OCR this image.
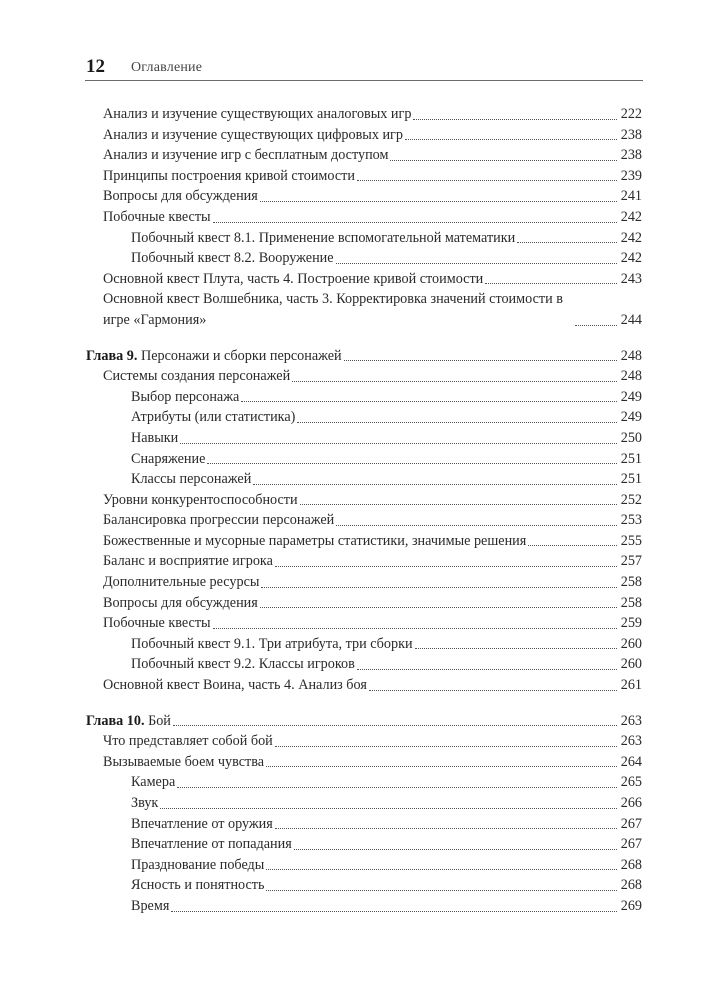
12 Оглавление
Анализ и изучение существующих аналоговых игр	222
Анализ и изучение существующих цифровых игр	238
Анализ и изучение игр с бесплатным доступом	238
Принципы построения кривой стоимости	239
Вопросы для обсуждения	241
Побочные квесты	242
Побочный квест 8.1. Применение вспомогательной математики	242
Побочный квест 8.2. Вооружение	242
Основной квест Плута, часть 4. Построение кривой стоимости	243
Основной квест Волшебника, часть 3. Корректировка значений стоимости в игре «Гармония»	244
Глава 9. Персонажи и сборки персонажей	248
Системы создания персонажей	248
Выбор персонажа	249
Атрибуты (или статистика)	249
Навыки	250
Снаряжение	251
Классы персонажей	251
Уровни конкурентоспособности	252
Балансировка прогрессии персонажей	253
Божественные и мусорные параметры статистики, значимые решения	255
Баланс и восприятие игрока	257
Дополнительные ресурсы	258
Вопросы для обсуждения	258
Побочные квесты	259
Побочный квест 9.1. Три атрибута, три сборки	260
Побочный квест 9.2. Классы игроков	260
Основной квест Воина, часть 4. Анализ боя	261
Глава 10. Бой	263
Что представляет собой бой	263
Вызываемые боем чувства	264
Камера	265
Звук	266
Впечатление от оружия	267
Впечатление от попадания	267
Празднование победы	268
Ясность и понятность	268
Время	269
